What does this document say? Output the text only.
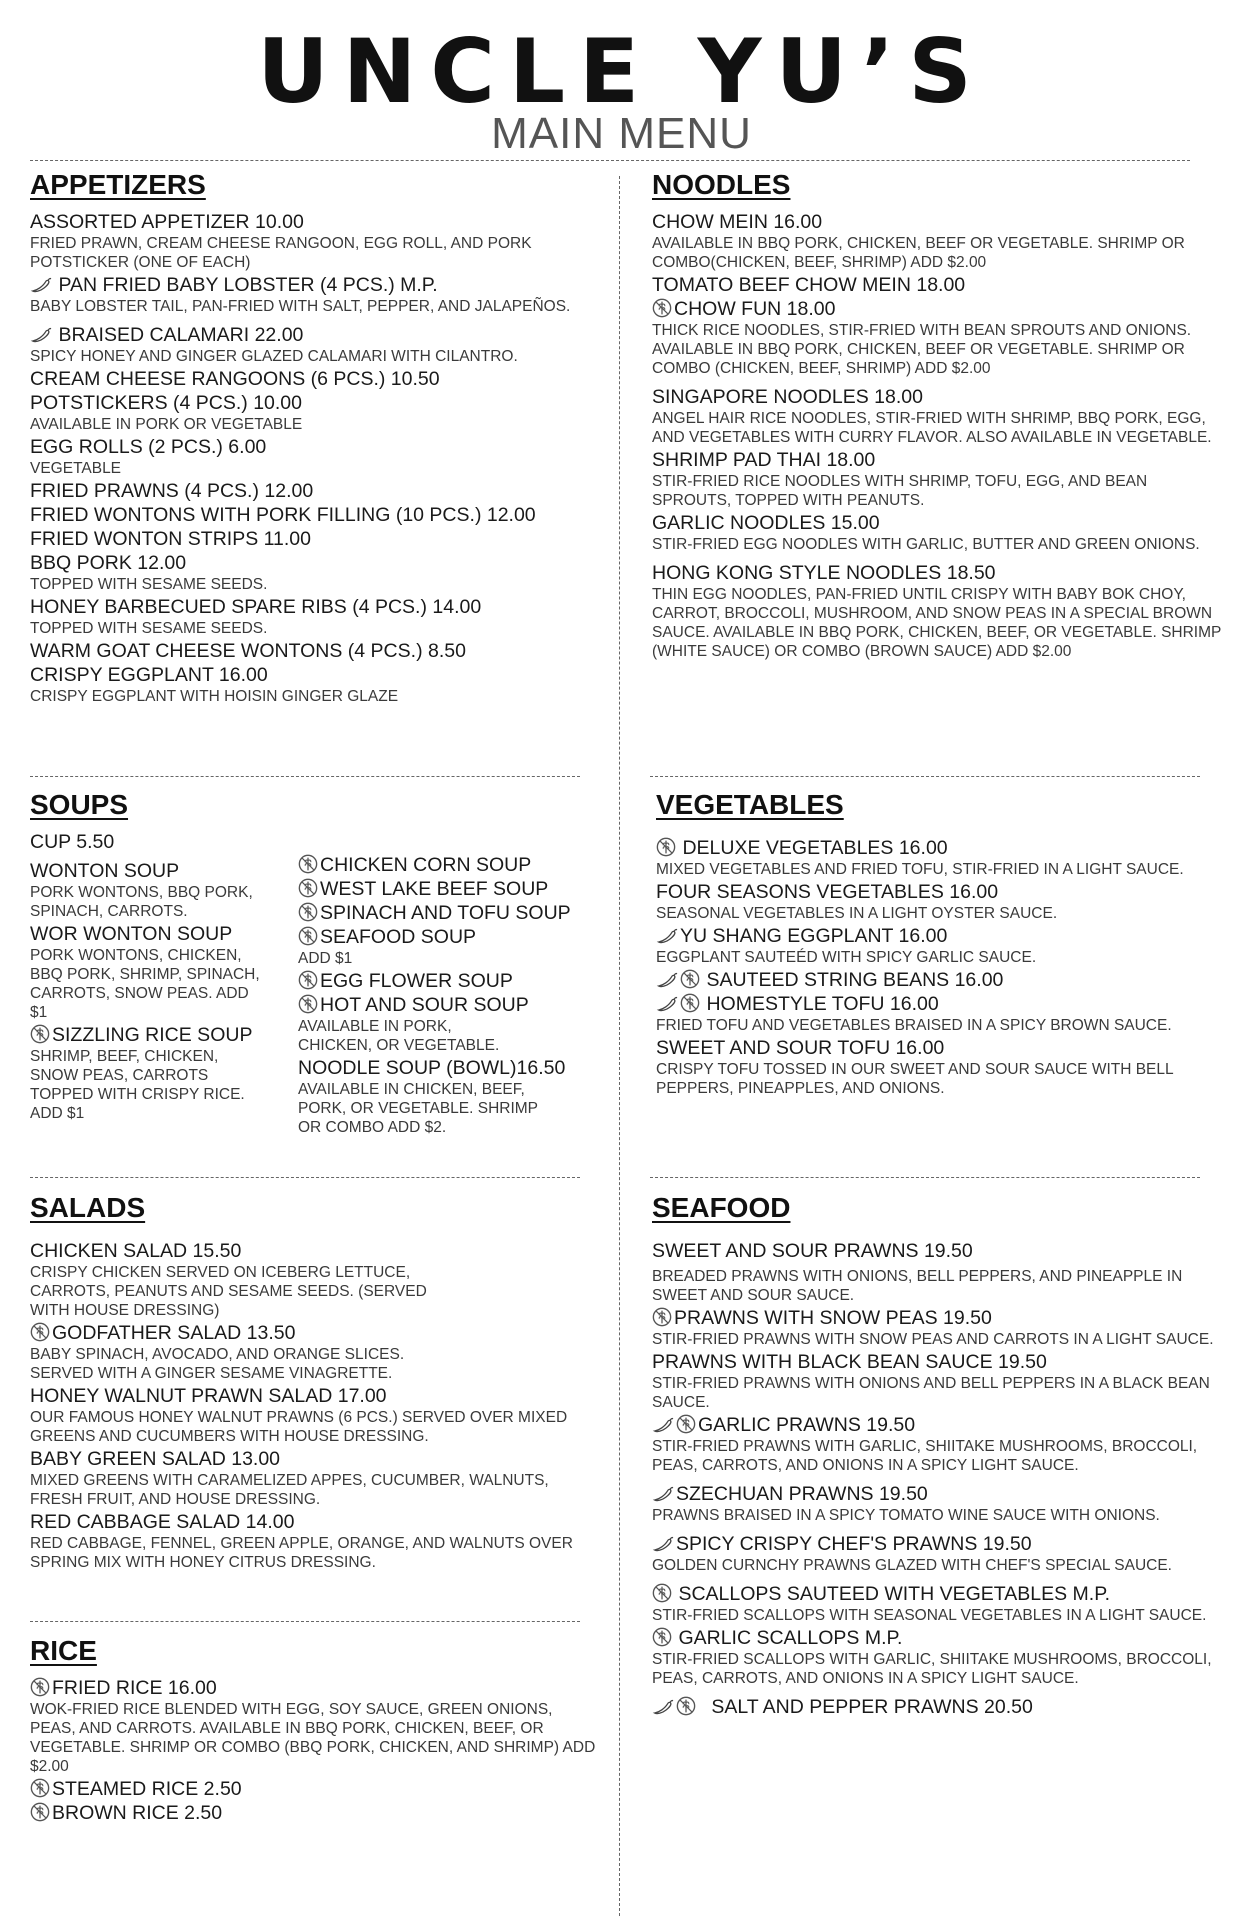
UNCLE YU’S
MAIN MENU
APPETIZERS
ASSORTED APPETIZER 10.00
FRIED PRAWN, CREAM CHEESE RANGOON, EGG ROLL, AND PORK POTSTICKER (ONE OF EACH)
PAN FRIED BABY LOBSTER (4 PCS.) M.P.
BABY LOBSTER TAIL, PAN-FRIED WITH SALT, PEPPER, AND JALAPEÑOS.
BRAISED CALAMARI 22.00
SPICY HONEY AND GINGER GLAZED CALAMARI WITH CILANTRO.
CREAM CHEESE RANGOONS (6 PCS.) 10.50
POTSTICKERS (4 PCS.) 10.00
AVAILABLE IN PORK OR VEGETABLE
EGG ROLLS (2 PCS.) 6.00
VEGETABLE
FRIED PRAWNS (4 PCS.) 12.00
FRIED WONTONS WITH PORK FILLING (10 PCS.) 12.00
FRIED WONTON STRIPS 11.00
BBQ PORK 12.00
TOPPED WITH SESAME SEEDS.
HONEY BARBECUED SPARE RIBS (4 PCS.) 14.00
TOPPED WITH SESAME SEEDS.
WARM GOAT CHEESE WONTONS (4 PCS.) 8.50
CRISPY EGGPLANT 16.00
CRISPY EGGPLANT WITH HOISIN GINGER GLAZE
SOUPS
CUP 5.50
WONTON SOUP
PORK WONTONS, BBQ PORK, SPINACH, CARROTS.
WOR WONTON SOUP
PORK WONTONS, CHICKEN, BBQ PORK, SHRIMP, SPINACH, CARROTS, SNOW PEAS. ADD $1
SIZZLING RICE SOUP
SHRIMP, BEEF, CHICKEN, SNOW PEAS, CARROTS TOPPED WITH CRISPY RICE. ADD $1
CHICKEN CORN SOUP
WEST LAKE BEEF SOUP
SPINACH AND TOFU SOUP
SEAFOOD SOUP
ADD $1
EGG FLOWER SOUP
HOT AND SOUR SOUP
AVAILABLE IN PORK, CHICKEN, OR VEGETABLE.
NOODLE SOUP (BOWL)16.50
AVAILABLE IN CHICKEN, BEEF, PORK, OR VEGETABLE. SHRIMP OR COMBO ADD $2.
SALADS
CHICKEN SALAD 15.50
CRISPY CHICKEN SERVED ON ICEBERG LETTUCE, CARROTS, PEANUTS AND SESAME SEEDS. (SERVED WITH HOUSE DRESSING)
GODFATHER SALAD 13.50
BABY SPINACH, AVOCADO, AND ORANGE SLICES. SERVED WITH A GINGER SESAME VINAGRETTE.
HONEY WALNUT PRAWN SALAD 17.00
OUR FAMOUS HONEY WALNUT PRAWNS (6 PCS.) SERVED OVER MIXED GREENS AND CUCUMBERS WITH HOUSE DRESSING.
BABY GREEN SALAD 13.00
MIXED GREENS WITH CARAMELIZED APPES, CUCUMBER, WALNUTS, FRESH FRUIT, AND HOUSE DRESSING.
RED CABBAGE SALAD 14.00
RED CABBAGE, FENNEL, GREEN APPLE, ORANGE, AND WALNUTS OVER SPRING MIX WITH HONEY CITRUS DRESSING.
RICE
FRIED RICE 16.00
WOK-FRIED RICE BLENDED WITH EGG, SOY SAUCE, GREEN ONIONS, PEAS, AND CARROTS. AVAILABLE IN BBQ PORK, CHICKEN, BEEF, OR VEGETABLE. SHRIMP OR COMBO (BBQ PORK, CHICKEN, AND SHRIMP) ADD $2.00
STEAMED RICE 2.50
BROWN RICE 2.50
NOODLES
CHOW MEIN 16.00
AVAILABLE IN BBQ PORK, CHICKEN, BEEF OR VEGETABLE. SHRIMP OR COMBO(CHICKEN, BEEF, SHRIMP) ADD $2.00
TOMATO BEEF CHOW MEIN 18.00
CHOW FUN 18.00
THICK RICE NOODLES, STIR-FRIED WITH BEAN SPROUTS AND ONIONS. AVAILABLE IN BBQ PORK, CHICKEN, BEEF OR VEGETABLE. SHRIMP OR COMBO (CHICKEN, BEEF, SHRIMP) ADD $2.00
SINGAPORE NOODLES 18.00
ANGEL HAIR RICE NOODLES, STIR-FRIED WITH SHRIMP, BBQ PORK, EGG, AND VEGETABLES WITH CURRY FLAVOR. ALSO AVAILABLE IN VEGETABLE.
SHRIMP PAD THAI 18.00
STIR-FRIED RICE NOODLES WITH SHRIMP, TOFU, EGG, AND BEAN SPROUTS, TOPPED WITH PEANUTS.
GARLIC NOODLES 15.00
STIR-FRIED EGG NOODLES WITH GARLIC, BUTTER AND GREEN ONIONS.
HONG KONG STYLE NOODLES 18.50
THIN EGG NOODLES, PAN-FRIED UNTIL CRISPY WITH BABY BOK CHOY, CARROT, BROCCOLI, MUSHROOM, AND SNOW PEAS IN A SPECIAL BROWN SAUCE. AVAILABLE IN BBQ PORK, CHICKEN, BEEF, OR VEGETABLE. SHRIMP (WHITE SAUCE) OR COMBO (BROWN SAUCE) ADD $2.00
VEGETABLES
DELUXE VEGETABLES 16.00
MIXED VEGETABLES AND FRIED TOFU, STIR-FRIED IN A LIGHT SAUCE.
FOUR SEASONS VEGETABLES 16.00
SEASONAL VEGETABLES IN A LIGHT OYSTER SAUCE.
YU SHANG EGGPLANT 16.00
EGGPLANT SAUTEÉD WITH SPICY GARLIC SAUCE.
SAUTEED STRING BEANS 16.00
HOMESTYLE TOFU 16.00
FRIED TOFU AND VEGETABLES BRAISED IN A SPICY BROWN SAUCE.
SWEET AND SOUR TOFU 16.00
CRISPY TOFU TOSSED IN OUR SWEET AND SOUR SAUCE WITH BELL PEPPERS, PINEAPPLES, AND ONIONS.
SEAFOOD
SWEET AND SOUR PRAWNS 19.50
BREADED PRAWNS WITH ONIONS, BELL PEPPERS, AND PINEAPPLE IN SWEET AND SOUR SAUCE.
PRAWNS WITH SNOW PEAS 19.50
STIR-FRIED PRAWNS WITH SNOW PEAS AND CARROTS IN A LIGHT SAUCE.
PRAWNS WITH BLACK BEAN SAUCE 19.50
STIR-FRIED PRAWNS WITH ONIONS AND BELL PEPPERS IN A BLACK BEAN SAUCE.
GARLIC PRAWNS 19.50
STIR-FRIED PRAWNS WITH GARLIC, SHIITAKE MUSHROOMS, BROCCOLI, PEAS, CARROTS, AND ONIONS IN A SPICY LIGHT SAUCE.
SZECHUAN PRAWNS 19.50
PRAWNS BRAISED IN A SPICY TOMATO WINE SAUCE WITH ONIONS.
SPICY CRISPY CHEF'S PRAWNS 19.50
GOLDEN CURNCHY PRAWNS GLAZED WITH CHEF'S SPECIAL SAUCE.
SCALLOPS SAUTEED WITH VEGETABLES M.P.
STIR-FRIED SCALLOPS WITH SEASONAL VEGETABLES IN A LIGHT SAUCE.
GARLIC SCALLOPS M.P.
STIR-FRIED SCALLOPS WITH GARLIC, SHIITAKE MUSHROOMS, BROCCOLI, PEAS, CARROTS, AND ONIONS IN A SPICY LIGHT SAUCE.
SALT AND PEPPER PRAWNS 20.50
